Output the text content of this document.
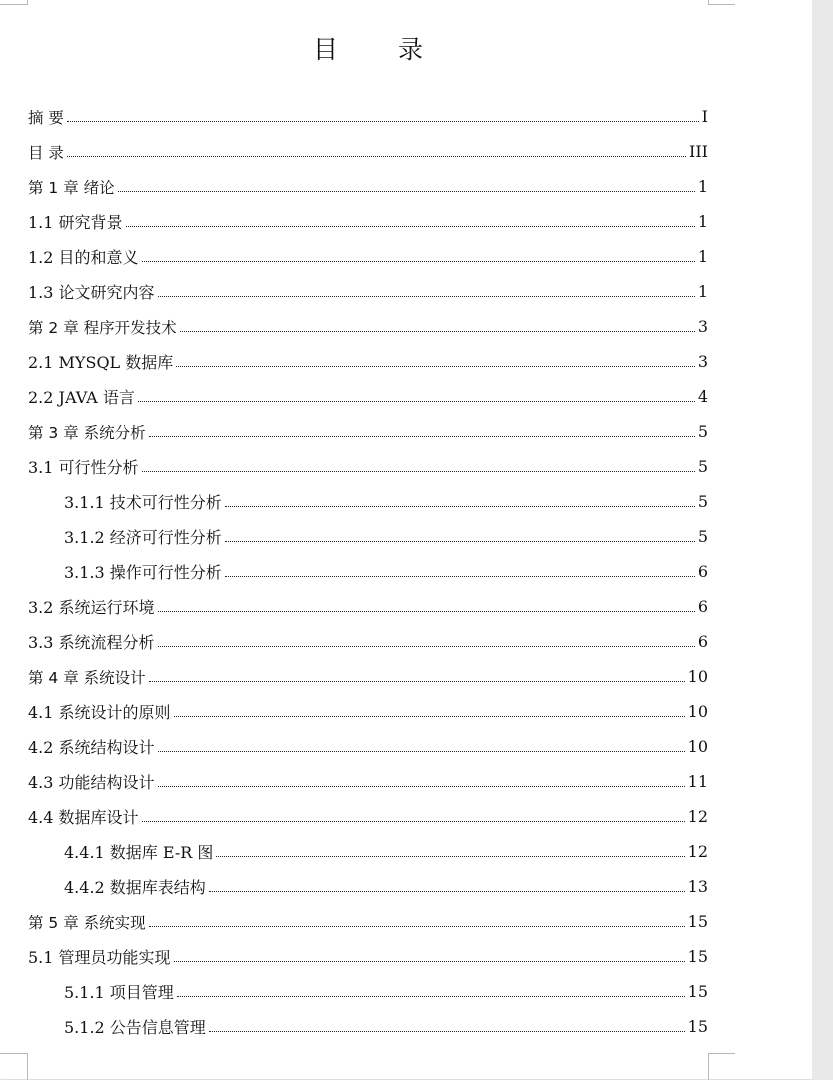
目 录
摘 要	I
目 录	III
第 1 章 绪论	1
1.1 研究背景	1
1.2 目的和意义	1
1.3 论文研究内容	1
第 2 章 程序开发技术	3
2.1 MYSQL 数据库	3
2.2 JAVA 语言	4
第 3 章 系统分析	5
3.1 可行性分析	5
3.1.1 技术可行性分析	5
3.1.2 经济可行性分析	5
3.1.3 操作可行性分析	6
3.2 系统运行环境	6
3.3 系统流程分析	6
第 4 章 系统设计	10
4.1 系统设计的原则	10
4.2 系统结构设计	10
4.3 功能结构设计	11
4.4 数据库设计	12
4.4.1 数据库 E-R 图	12
4.4.2 数据库表结构	13
第 5 章 系统实现	15
5.1 管理员功能实现	15
5.1.1 项目管理	15
5.1.2 公告信息管理	15
